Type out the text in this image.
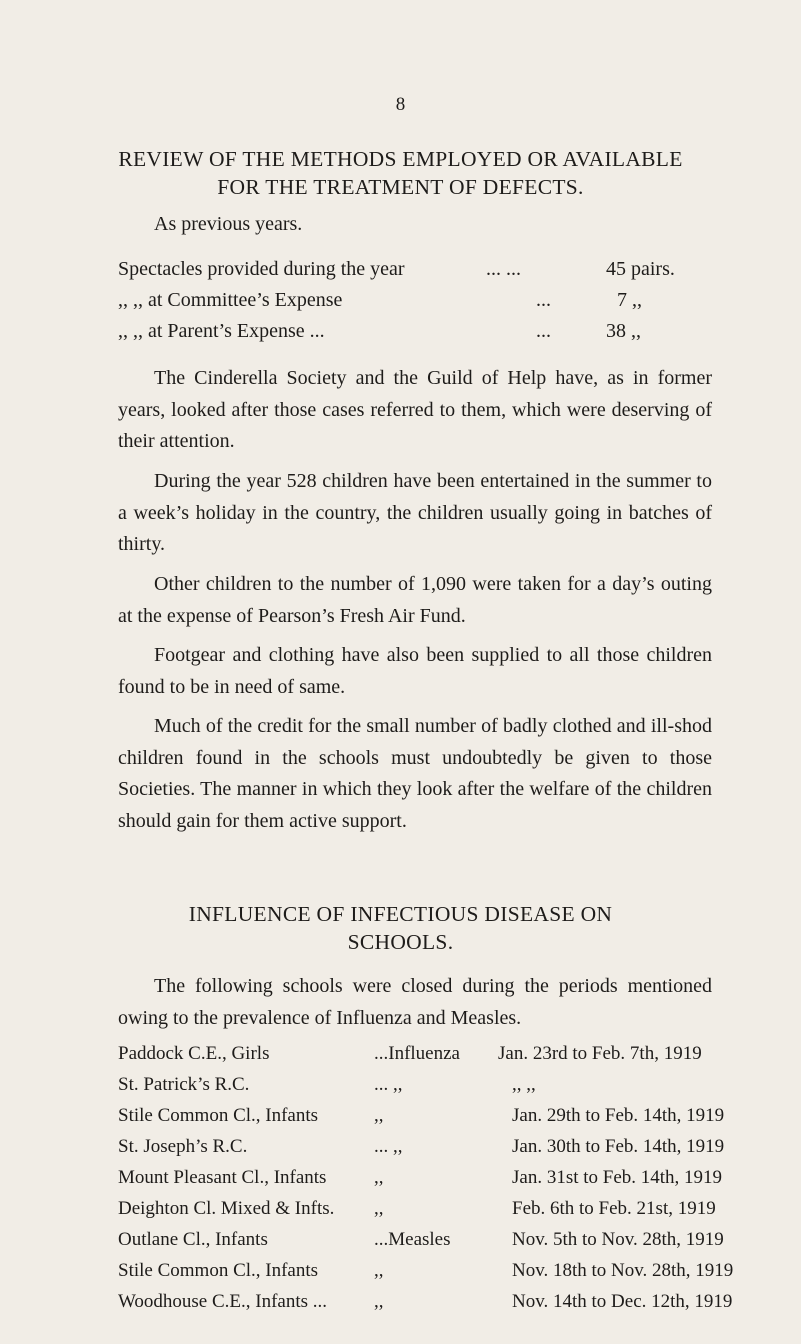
8
REVIEW OF THE METHODS EMPLOYED OR AVAILABLE
FOR THE TREATMENT OF DEFECTS.
As previous years.
Spectacles provided during the year	... ...	45 pairs.
,, ,, at Committee’s Expense	...	7 ,,
,, ,, at Parent’s Expense ...	...	38 ,,

The Cinderella Society and the Guild of Help have, as in former years, looked after those cases referred to them, which were deserving of their attention.

During the year 528 children have been entertained in the summer to a week’s holiday in the country, the children usually going in batches of thirty.

Other children to the number of 1,090 were taken for a day’s outing at the expense of Pearson’s Fresh Air Fund.

Footgear and clothing have also been supplied to all those children found to be in need of same.

Much of the credit for the small number of badly clothed and ill-shod children found in the schools must undoubtedly be given to those Societies. The manner in which they look after the welfare of the children should gain for them active support.

INFLUENCE OF INFECTIOUS DISEASE ON
SCHOOLS.

The following schools were closed during the periods mentioned owing to the prevalence of Influenza and Measles.

Paddock C.E., Girls	...Influenza Jan. 23rd to Feb. 7th, 1919
St. Patrick’s R.C.	... ,,	,, ,,
Stile Common Cl., Infants	,,	Jan. 29th to Feb. 14th, 1919
St. Joseph’s R.C.	... ,,	Jan. 30th to Feb. 14th, 1919
Mount Pleasant Cl., Infants	,,	Jan. 31st to Feb. 14th, 1919
Deighton Cl. Mixed & Infts. ,,	Feb. 6th to Feb. 21st, 1919
Outlane Cl., Infants	...Measles	Nov. 5th to Nov. 28th, 1919
Stile Common Cl., Infants	,,	Nov. 18th to Nov. 28th, 1919
Woodhouse C.E., Infants ... ,,	Nov. 14th to Dec. 12th, 1919
